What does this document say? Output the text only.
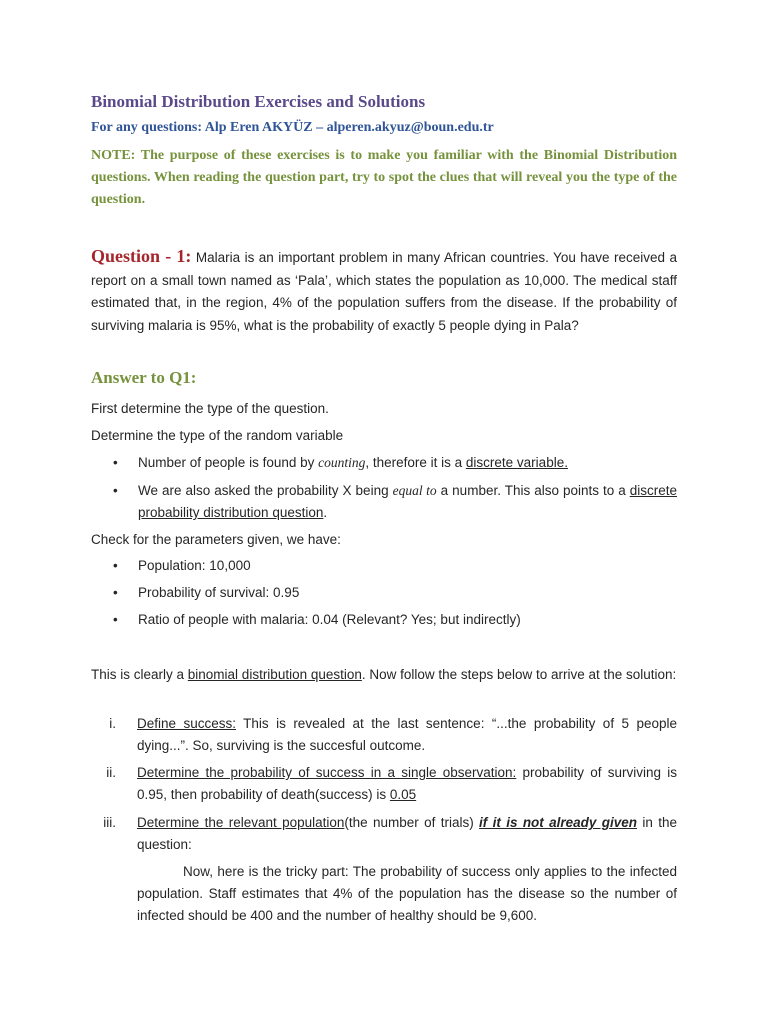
Binomial Distribution Exercises and Solutions
For any questions: Alp Eren AKYÜZ – alperen.akyuz@boun.edu.tr
NOTE: The purpose of these exercises is to make you familiar with the Binomial Distribution questions. When reading the question part, try to spot the clues that will reveal you the type of the question.
Question - 1: Malaria is an important problem in many African countries. You have received a report on a small town named as ‘Pala’, which states the population as 10,000. The medical staff estimated that, in the region, 4% of the population suffers from the disease. If the probability of surviving malaria is 95%, what is the probability of exactly 5 people dying in Pala?
Answer to Q1:
First determine the type of the question.
Determine the type of the random variable
• Number of people is found by counting, therefore it is a discrete variable.
• We are also asked the probability X being equal to a number. This also points to a discrete probability distribution question.
Check for the parameters given, we have:
• Population: 10,000
• Probability of survival: 0.95
• Ratio of people with malaria: 0.04 (Relevant? Yes; but indirectly)
This is clearly a binomial distribution question. Now follow the steps below to arrive at the solution:
i. Define success: This is revealed at the last sentence: “...the probability of 5 people dying...”. So, surviving is the succesful outcome.
ii. Determine the probability of success in a single observation: probability of surviving is 0.95, then probability of death(success) is 0.05
iii. Determine the relevant population(the number of trials) if it is not already given in the question:
Now, here is the tricky part: The probability of success only applies to the infected population. Staff estimates that 4% of the population has the disease so the number of infected should be 400 and the number of healthy should be 9,600.
